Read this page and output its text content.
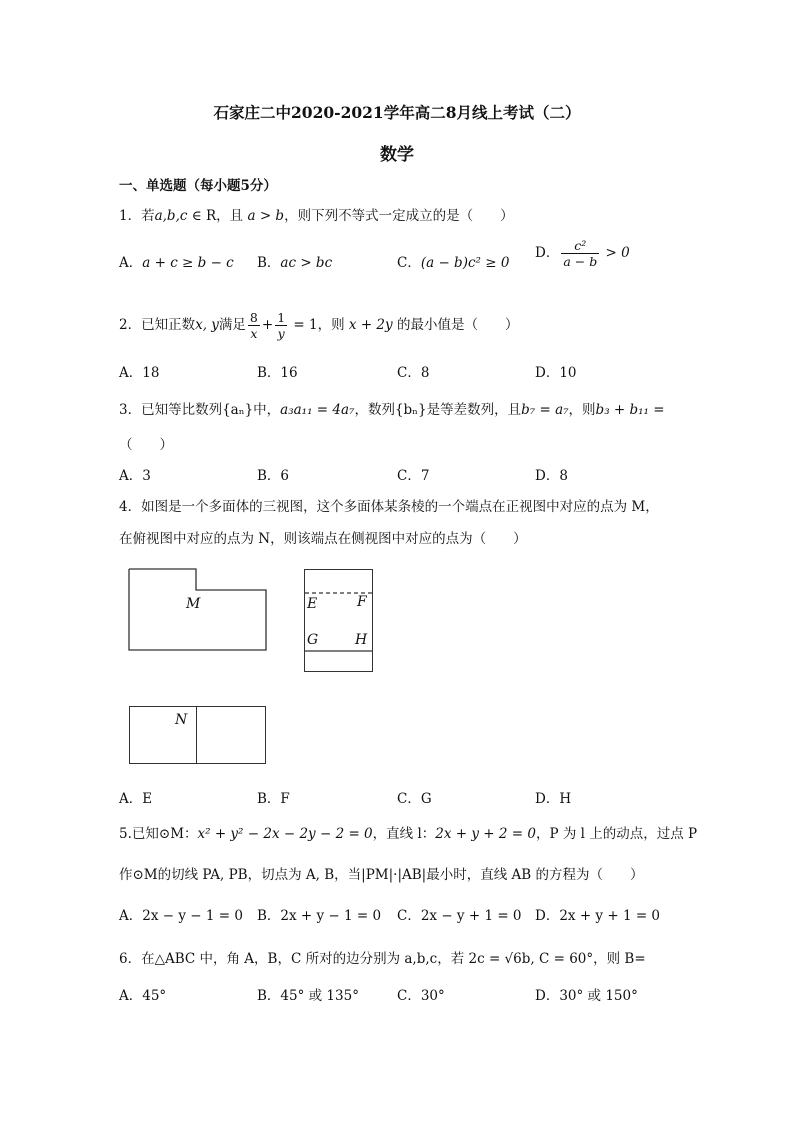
石家庄二中2020-2021学年高二8月线上考试（二）
数学
一、单选题（每小题5分）
1．若a,b,c ∈ R，且 a > b，则下列不等式一定成立的是（　　）
A．a + c ≥ b − c B．ac > bc	C．(a − b)c² ≥ 0
D． $\frac{\text{c²}}{a - b} > 0$
2．已知正数x, y满足 $\frac{8}{x} + \frac{1}{y} = 1$，则 x + 2y 的最小值是（　　）
A．18	B．16	C．8	D．10
3．已知等比数列{aₙ}中，a₃a₁₁ = 4a₇，数列{bₙ}是等差数列，且b₇ = a₇，则b₃ + b₁₁ =
（　　）
A．3	B．6	C．7	D．8
4．如图是一个多面体的三视图，这个多面体某条棱的一个端点在正视图中对应的点为 M，
在俯视图中对应的点为 N，则该端点在侧视图中对应的点为（　　）
M	E	F
G	H
N
A．E	B．F	C．G	D．H
5.已知⊙M：x² + y² − 2x − 2y − 2 = 0，直线 l：2x + y + 2 = 0，P 为 l 上的动点，过点 P
作⊙M的切线 PA, PB，切点为 A, B，当|PM|·|AB|最小时，直线 AB 的方程为（　　）
A．2x − y − 1 = 0 B．2x + y − 1 = 0 C．2x − y + 1 = 0 D．2x + y + 1 = 0
6．在△ABC 中，角 A，B，C 所对的边分别为 a,b,c，若 2c = √6b, C = 60°，则 B=
A．45°	B．45° 或 135°	C．30°	D．30° 或 150°
